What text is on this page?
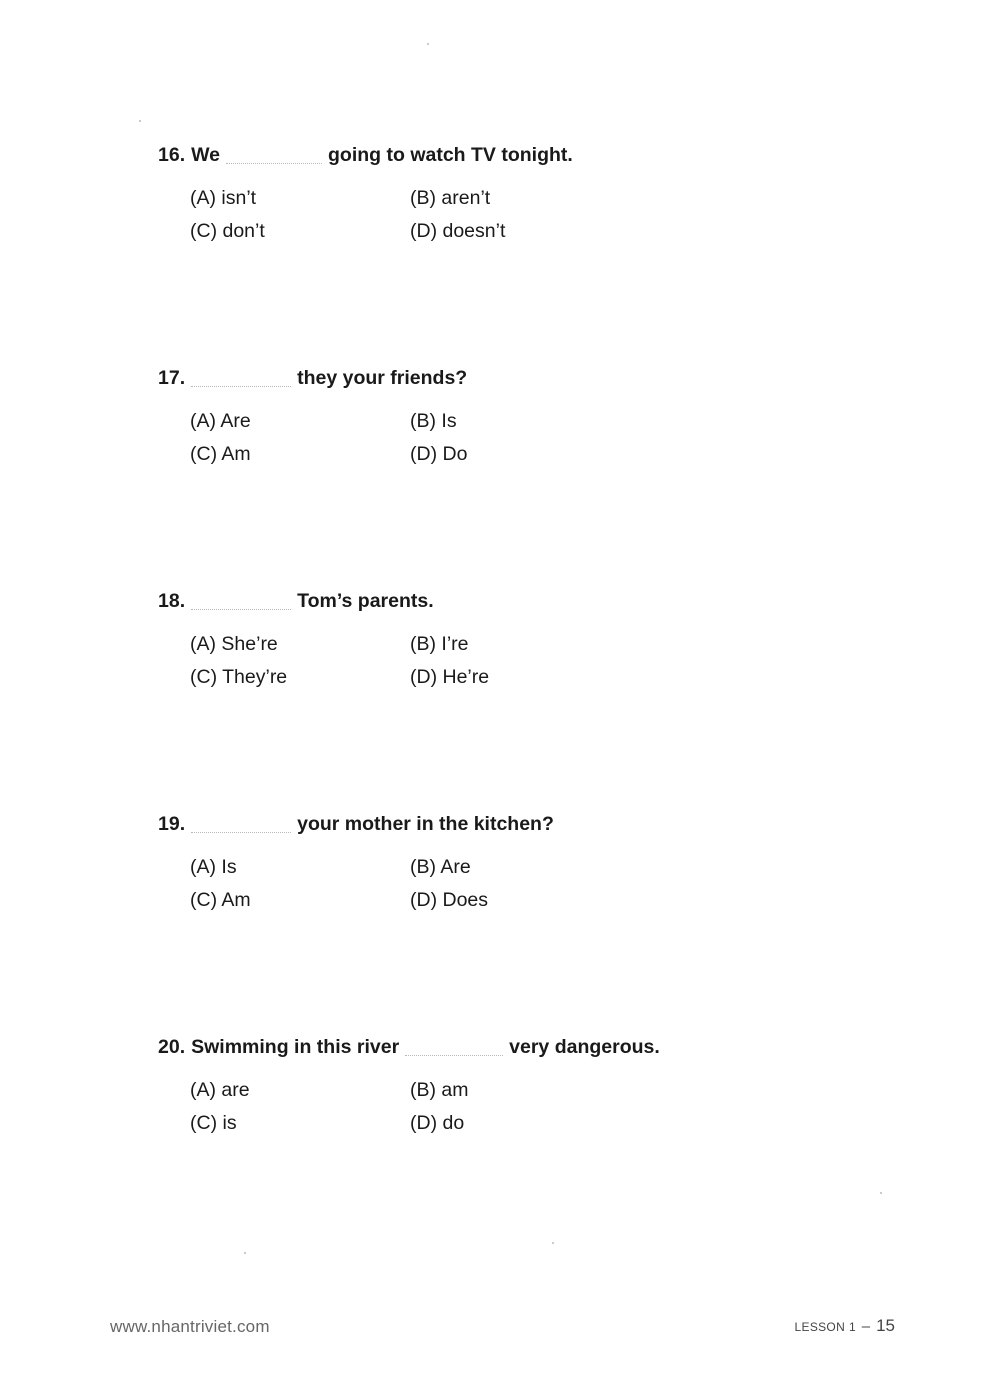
16. We	going to watch TV tonight.
(A) isn’t	(B) aren’t
(C) don’t	(D) doesn’t
17.	they your friends?
(A) Are	(B) Is
(C) Am	(D) Do
18.	Tom’s parents.
(A) She’re	(B) I’re
(C) They’re	(D) He’re
19.	your mother in the kitchen?
(A) Is	(B) Are
(C) Am	(D) Does
20. Swimming in this river	very dangerous.
(A) are	(B) am
(C) is	(D) do
www.nhantriviet.com	LESSON 1 – 15
